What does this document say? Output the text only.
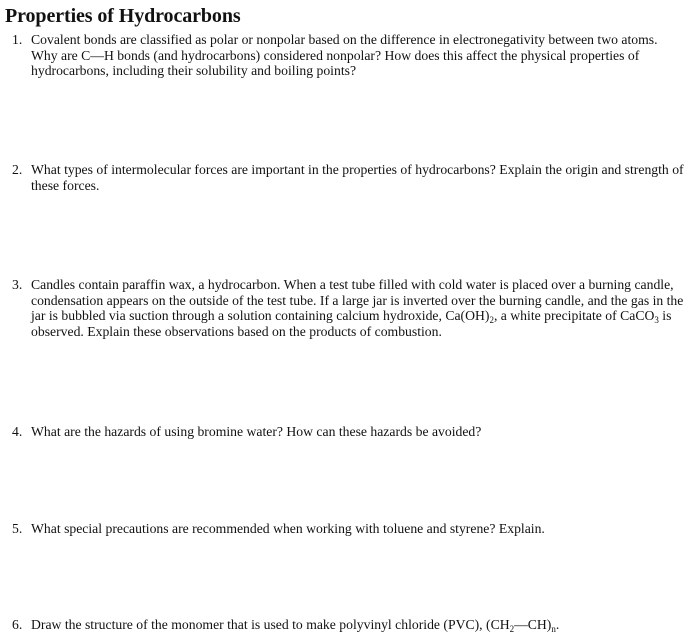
Properties of Hydrocarbons
1. Covalent bonds are classified as polar or nonpolar based on the difference in electronegativity between two atoms. Why are C—H bonds (and hydrocarbons) considered nonpolar? How does this affect the physical properties of hydrocarbons, including their solubility and boiling points?
2. What types of intermolecular forces are important in the properties of hydrocarbons? Explain the origin and strength of these forces.
3. Candles contain paraffin wax, a hydrocarbon. When a test tube filled with cold water is placed over a burning candle, condensation appears on the outside of the test tube. If a large jar is inverted over the burning candle, and the gas in the jar is bubbled via suction through a solution containing calcium hydroxide, $Ca(OH)_2$, a white precipitate of CaCO$_3$ is observed. Explain these observations based on the products of combustion.
4. What are the hazards of using bromine water? How can these hazards be avoided?
5. What special precautions are recommended when working with toluene and styrene? Explain.
6. Draw the structure of the monomer that is used to make polyvinyl chloride (PVC), $(CH_2—CH)_n$.
